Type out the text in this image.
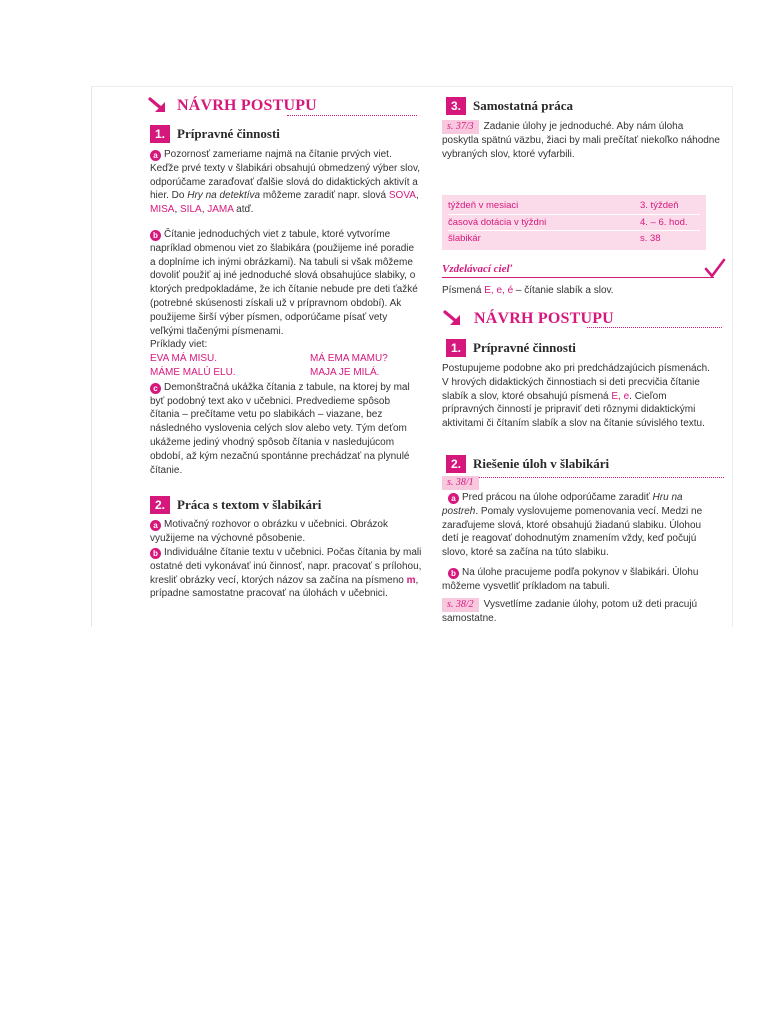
NÁVRH POSTUPU
1. Prípravné činnosti
a Pozornosť zameriame najmä na čítanie prvých viet. Keďže prvé texty v šlabikári obsahujú obmedzený výber slov, odporúčame zaraďovať ďalšie slová do didaktických aktivít a hier. Do Hry na detektíva môžeme zaradiť napr. slová SOVA, MISA, SILA, JAMA atď.
b Čítanie jednoduchých viet z tabule, ktoré vytvoríme napríklad obmenou viet zo šlabikára (použijeme iné poradie a doplníme ich inými obrázkami). Na tabuli si však môžeme dovoliť použiť aj iné jednoduché slová obsahujúce slabiky, o ktorých predpokladáme, že ich čítanie nebude pre deti ťažké (potrebné skúsenosti získali už v prípravnom období). Ak použijeme širší výber písmen, odporúčame písať vety veľkými tlačenými písmenami.
Príklady viet:
EVA MÁ MISU.	MÁ EMA MAMU?
MÁME MALÚ ELU.	MAJA JE MILÁ.
c Demonštračná ukážka čítania z tabule, na ktorej by mal byť podobný text ako v učebnici. Predvedieme spôsob čítania – prečítame vetu po slabikách – viazane, bez následného vyslovenia celých slov alebo vety. Tým deťom ukážeme jediný vhodný spôsob čítania v nasledujúcom období, až kým nezačnú spontánne prechádzať na plynulé čítanie.
2. Práca s textom v šlabikári
a Motivačný rozhovor o obrázku v učebnici. Obrázok využijeme na výchovné pôsobenie.
b Individuálne čítanie textu v učebnici. Počas čítania by mali ostatné deti vykonávať inú činnosť, napr. pracovať s prílohou, kresliť obrázky vecí, ktorých názov sa začína na písmeno m, prípadne samostatne pracovať na úlohách v učebnici.
3. Samostatná práca
s. 37/3 Zadanie úlohy je jednoduché. Aby nám úloha poskytla spätnú väzbu, žiaci by mali prečítať niekoľko náhodne vybraných slov, ktoré vyfarbili.
týždeň v mesiaci	3. týždeň
časová dotácia v týždni	4. – 6. hod.
šlabikár	s. 38
Vzdelávací cieľ
Písmená E, e, é – čítanie slabík a slov.
NÁVRH POSTUPU
1. Prípravné činnosti
Postupujeme podobne ako pri predchádzajúcich písmenách. V hrových didaktických činnostiach si deti precvičia čítanie slabík a slov, ktoré obsahujú písmená E, e. Cieľom prípravných činností je pripraviť deti rôznymi didaktickými aktivitami či čítaním slabík a slov na čítanie súvislého textu.
2. Riešenie úloh v šlabikári
s. 38/1
a Pred prácou na úlohe odporúčame zaradiť Hru na postreh. Pomaly vyslovujeme pomenovania vecí. Medzi ne zaraďujeme slová, ktoré obsahujú žiadanú slabiku. Úlohou detí je reagovať dohodnutým znamením vždy, keď počujú slovo, ktoré sa začína na túto slabiku.
b Na úlohe pracujeme podľa pokynov v šlabikári. Úlohu môžeme vysvetliť príkladom na tabuli.
s. 38/2 Vysvetlíme zadanie úlohy, potom už deti pracujú samostatne.
